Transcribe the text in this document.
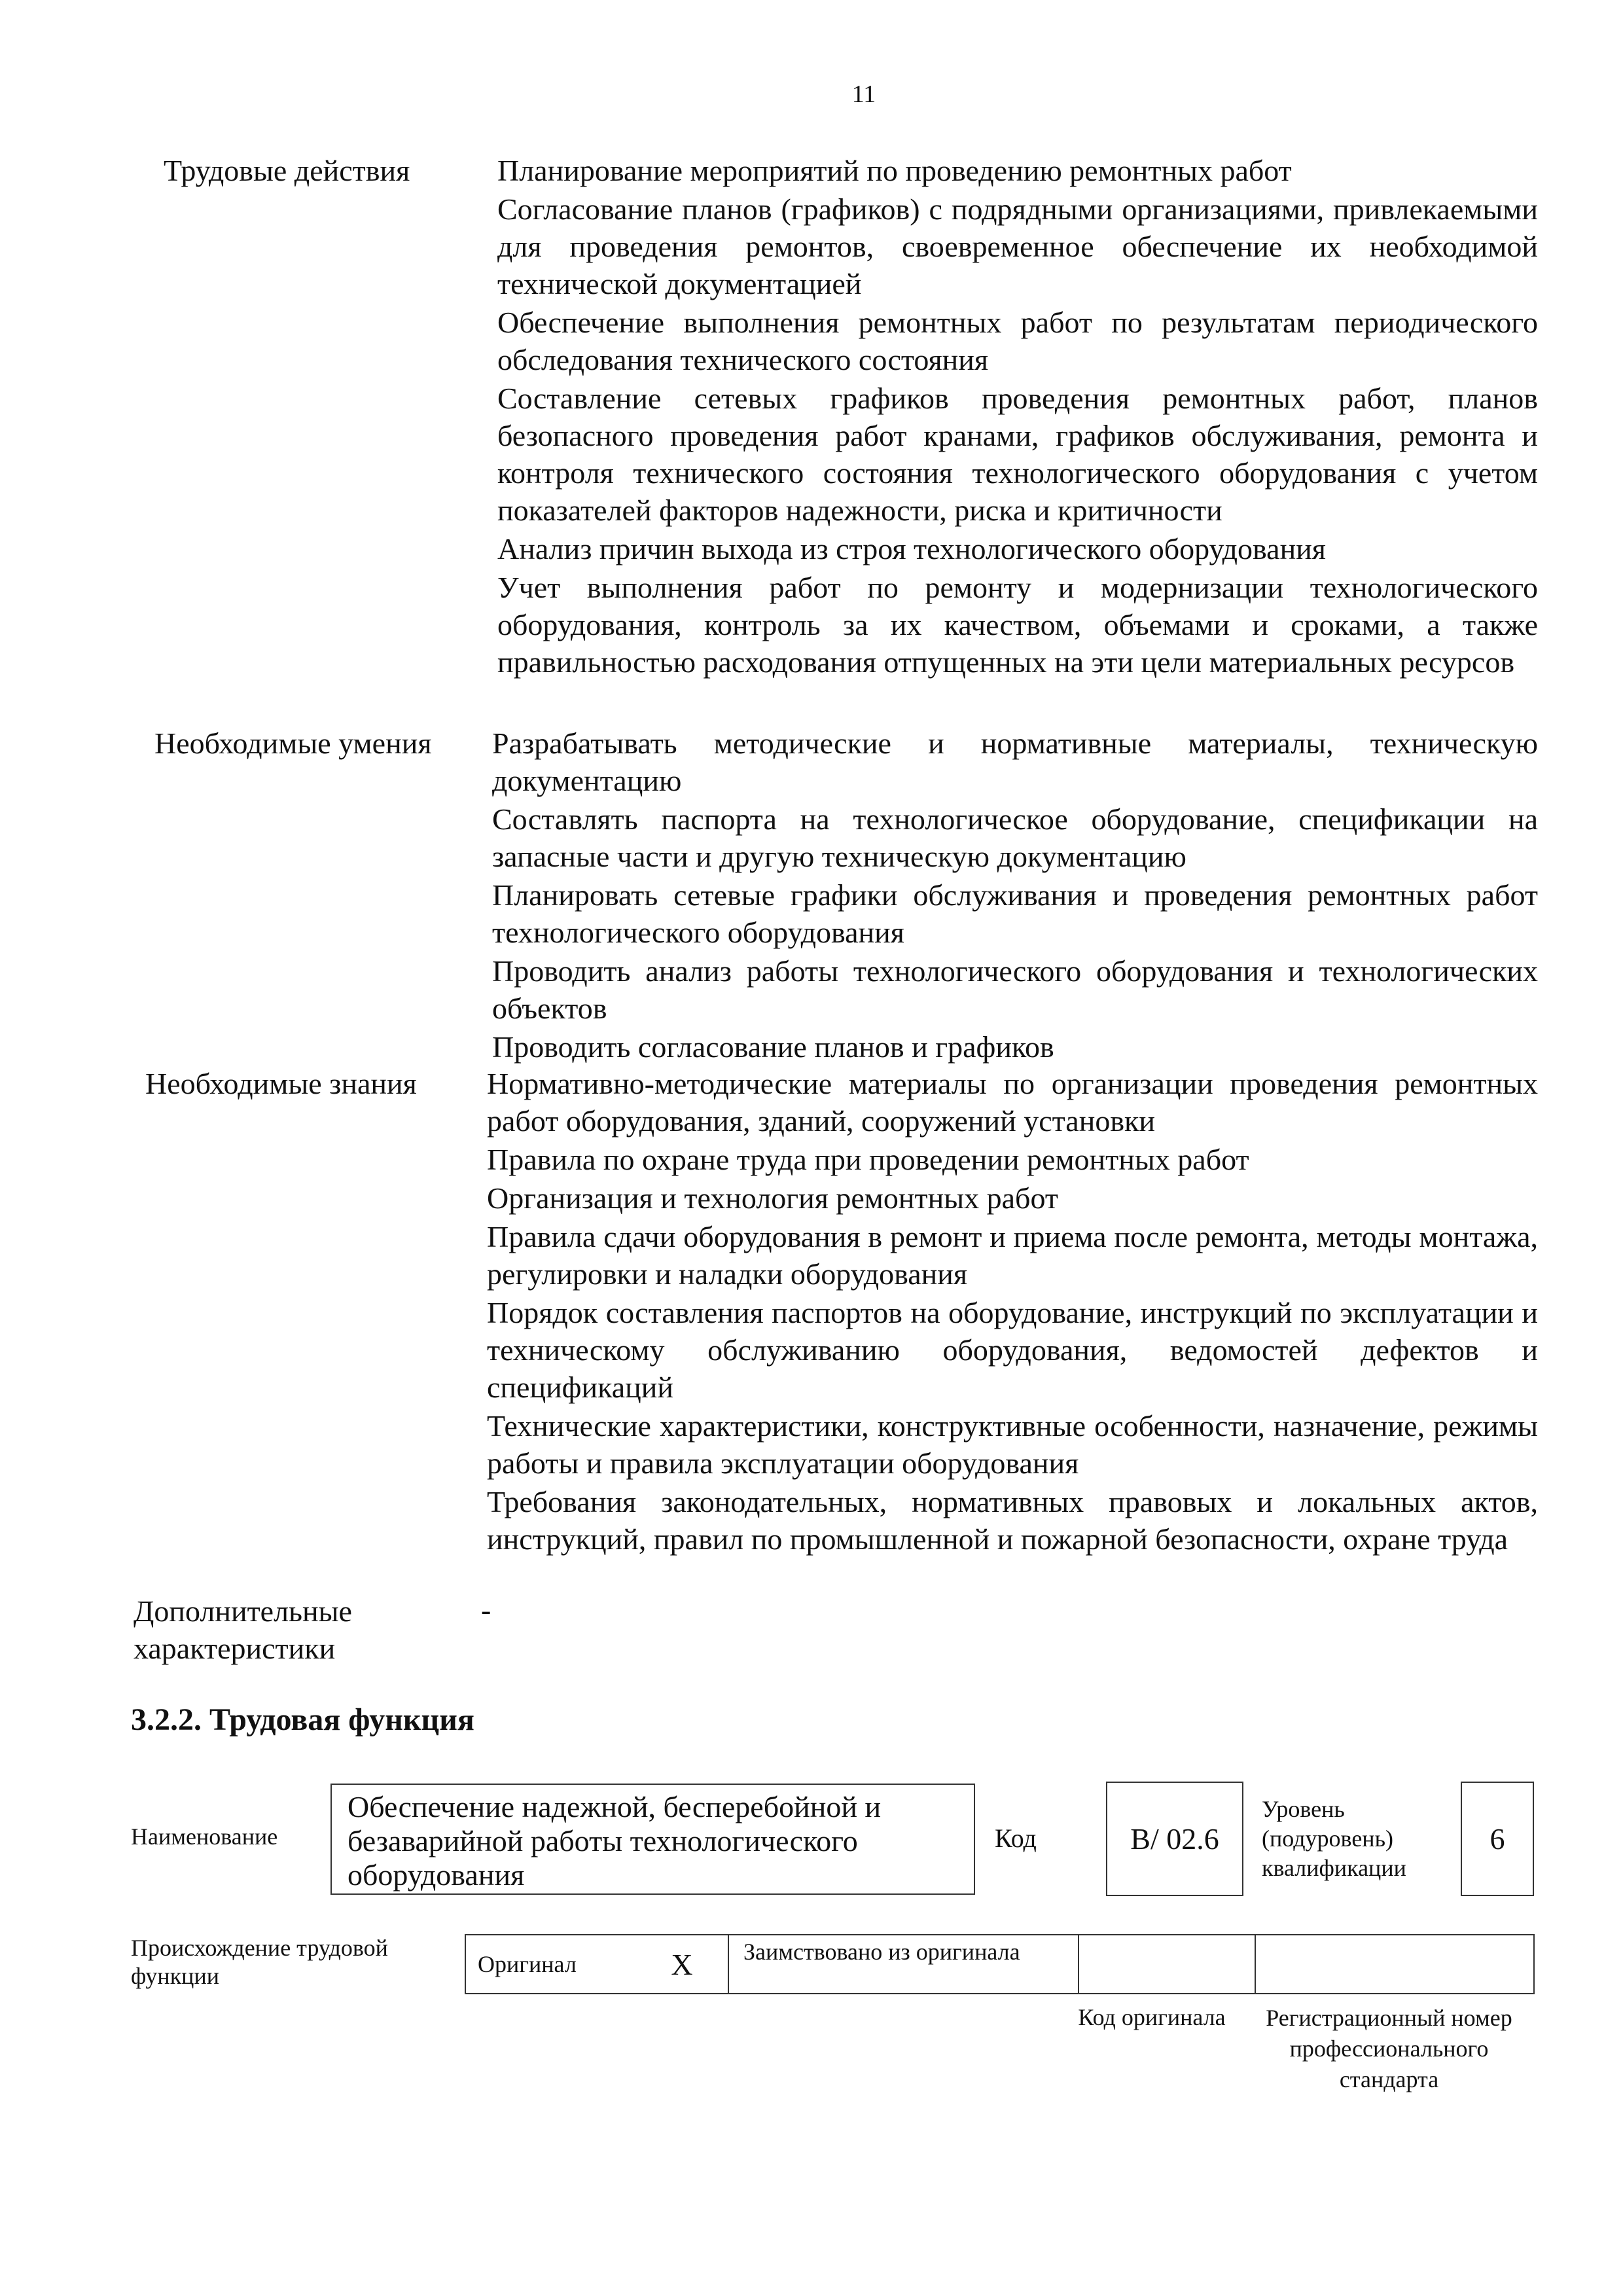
11
Трудовые действия	Планирование мероприятий по проведению ремонтных работ
Согласование планов (графиков) с подрядными организациями, привлекаемыми для проведения ремонтов, своевременное обеспечение их необходимой технической документацией
Обеспечение выполнения ремонтных работ по результатам периодического обследования технического состояния
Составление сетевых графиков проведения ремонтных работ, планов безопасного проведения работ кранами, графиков обслуживания, ремонта и контроля технического состояния технологического оборудования с учетом показателей факторов надежности, риска и критичности
Анализ причин выхода из строя технологического оборудования
Учет выполнения работ по ремонту и модернизации технологического оборудования, контроль за их качеством, объемами и сроками, а также правильностью расходования отпущенных на эти цели материальных ресурсов
Необходимые умения	Разрабатывать методические и нормативные материалы, техническую документацию
Составлять паспорта на технологическое оборудование, спецификации на запасные части и другую техническую документацию
Планировать сетевые графики обслуживания и проведения ремонтных работ технологического оборудования
Проводить анализ работы технологического оборудования и технологических объектов
Проводить согласование планов и графиков
Необходимые знания	Нормативно-методические материалы по организации проведения ремонтных работ оборудования, зданий, сооружений установки
Правила по охране труда при проведении ремонтных работ
Организация и технология ремонтных работ
Правила сдачи оборудования в ремонт и приема после ремонта, методы монтажа, регулировки и наладки оборудования
Порядок составления паспортов на оборудование, инструкций по эксплуатации и техническому обслуживанию оборудования, ведомостей дефектов и спецификаций
Технические характеристики, конструктивные особенности, назначение, режимы работы и правила эксплуатации оборудования
Требования законодательных, нормативных правовых и локальных актов, инструкций, правил по промышленной и пожарной безопасности, охране труда
Дополнительные характеристики
-
3.2.2. Трудовая функция
Наименование
Обеспечение надежной, бесперебойной и безаварийной работы технологического оборудования
Код	B/ 02.6
Уровень (подуровень) квалификации
6
Происхождение трудовой функции	Оригинал	X	Заимствовано из оригинала
Код оригинала	Регистрационный номер профессионального стандарта
